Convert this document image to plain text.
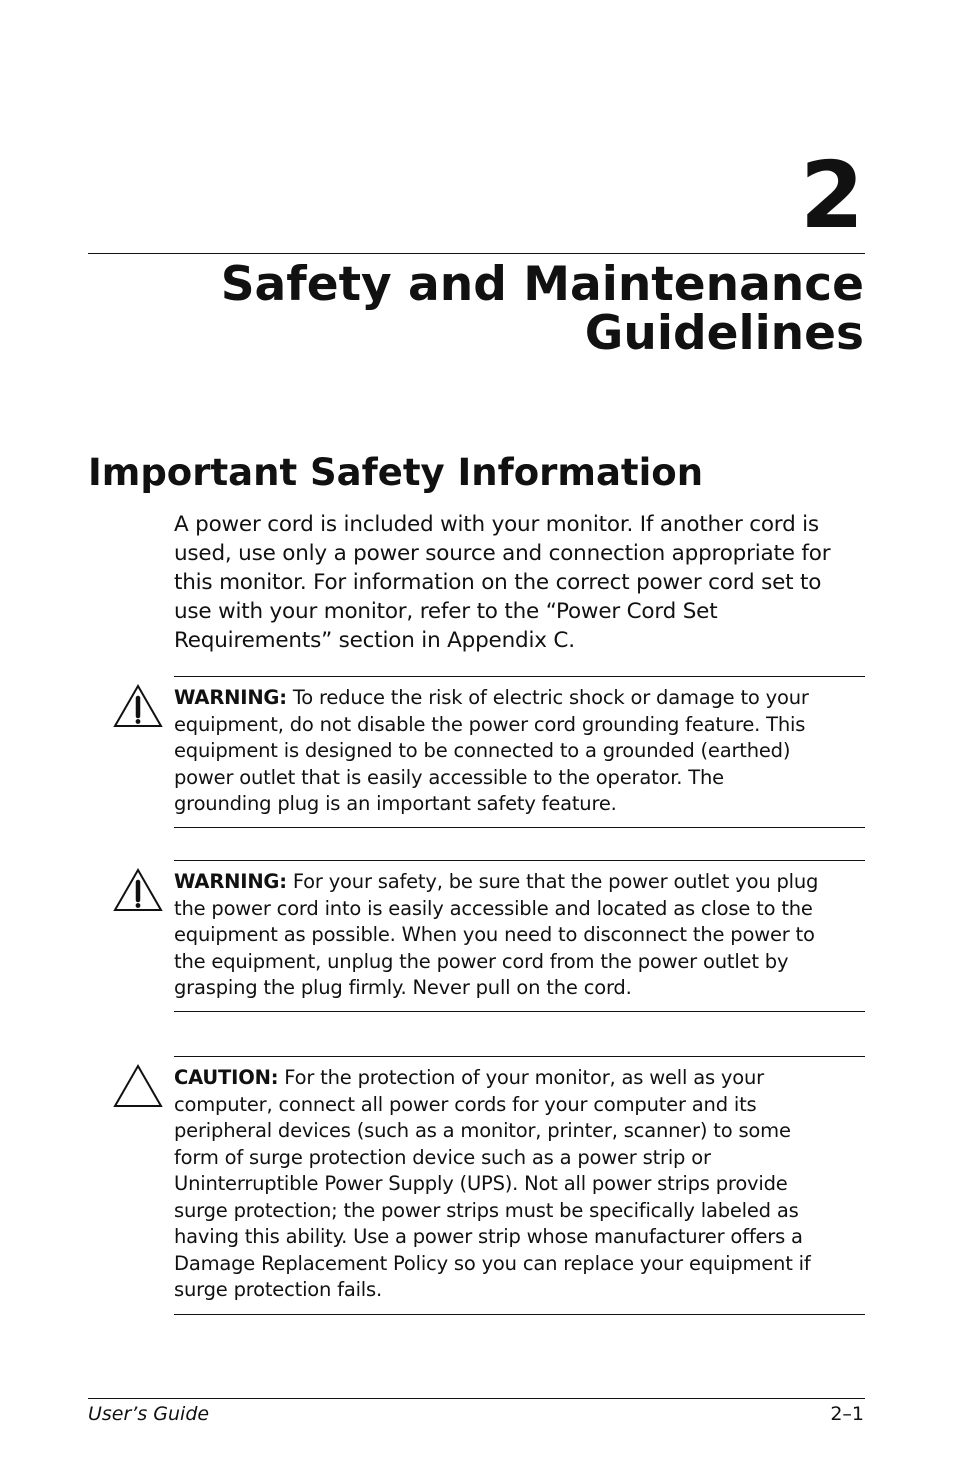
2
Safety and Maintenance
Guidelines
Important Safety Information

A power cord is included with your monitor. If another cord is used, use only a power source and connection appropriate for this monitor. For information on the correct power cord set to use with your monitor, refer to the “Power Cord Set Requirements” section in Appendix C.

WARNING: To reduce the risk of electric shock or damage to your equipment, do not disable the power cord grounding feature. This equipment is designed to be connected to a grounded (earthed) power outlet that is easily accessible to the operator. The grounding plug is an important safety feature.

WARNING: For your safety, be sure that the power outlet you plug the power cord into is easily accessible and located as close to the equipment as possible. When you need to disconnect the power to the equipment, unplug the power cord from the power outlet by grasping the plug firmly. Never pull on the cord.

CAUTION: For the protection of your monitor, as well as your computer, connect all power cords for your computer and its peripheral devices (such as a monitor, printer, scanner) to some form of surge protection device such as a power strip or Uninterruptible Power Supply (UPS). Not all power strips provide surge protection; the power strips must be specifically labeled as having this ability. Use a power strip whose manufacturer offers a Damage Replacement Policy so you can replace your equipment if surge protection fails.

User’s Guide	2–1
